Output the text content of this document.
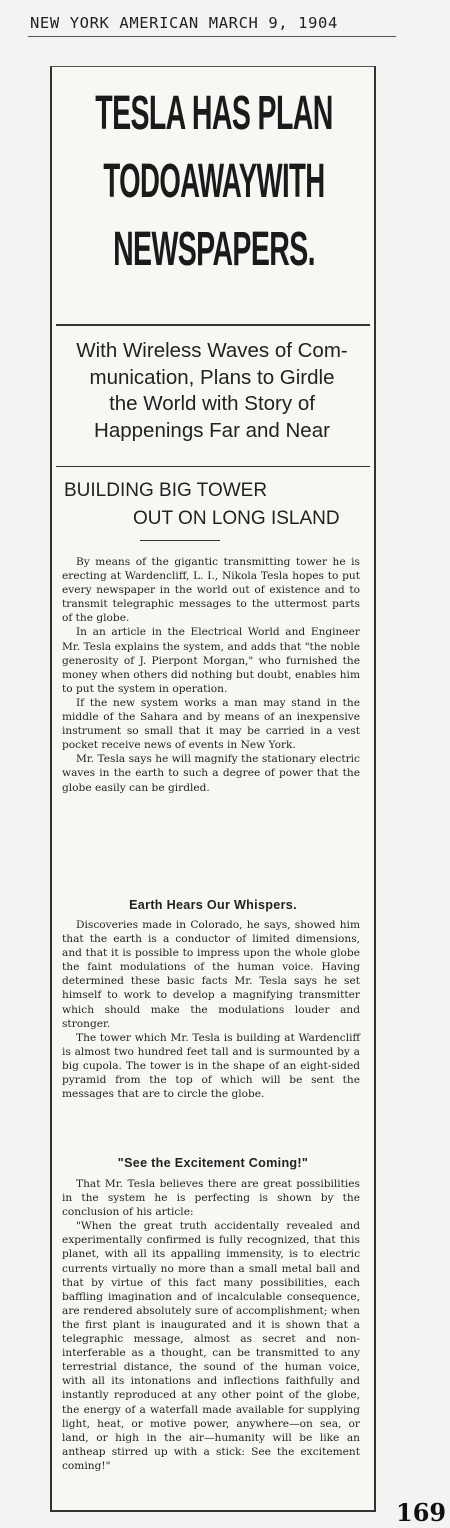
NEW YORK AMERICAN MARCH 9, 1904
TESLA HAS PLAN
TODOAWAYWITH
NEWSPAPERS.
With Wireless Waves of Com-
munication, Plans to Girdle
the World with Story of
Happenings Far and Near
BUILDING BIG TOWER
OUT ON LONG ISLAND

By means of the gigantic transmitting tower he is erecting at Wardencliff, L. I., Nikola Tesla hopes to put every newspaper in the world out of existence and to transmit telegraphic messages to the uttermost parts of the globe.

In an article in the Electrical World and Engineer Mr. Tesla explains the system, and adds that "the noble generosity of J. Pierpont Morgan," who furnished the money when others did nothing but doubt, enables him to put the system in operation.

If the new system works a man may stand in the middle of the Sahara and by means of an inexpensive instrument so small that it may be carried in a vest pocket receive news of events in New York.

Mr. Tesla says he will magnify the stationary electric waves in the earth to such a degree of power that the globe easily can be girdled.

Earth Hears Our Whispers.

Discoveries made in Colorado, he says, showed him that the earth is a conductor of limited dimensions, and that it is possible to impress upon the whole globe the faint modulations of the human voice. Having determined these basic facts Mr. Tesla says he set himself to work to develop a magnifying transmitter which should make the modulations louder and stronger.

The tower which Mr. Tesla is building at Wardencliff is almost two hundred feet tall and is surmounted by a big cupola. The tower is in the shape of an eight-sided pyramid from the top of which will be sent the messages that are to circle the globe.

"See the Excitement Coming!"

That Mr. Tesla believes there are great possibilities in the system he is perfecting is shown by the conclusion of his article:

"When the great truth accidentally revealed and experimentally confirmed is fully recognized, that this planet, with all its appalling immensity, is to electric currents virtually no more than a small metal ball and that by virtue of this fact many possibilities, each baffling imagination and of incalculable consequence, are rendered absolutely sure of accomplishment; when the first plant is inaugurated and it is shown that a telegraphic message, almost as secret and non-interferable as a thought, can be transmitted to any terrestrial distance, the sound of the human voice, with all its intonations and inflections faithfully and instantly reproduced at any other point of the globe, the energy of a waterfall made available for supplying light, heat, or motive power, anywhere—on sea, or land, or high in the air—humanity will be like an antheap stirred up with a stick: See the excitement coming!"

169
